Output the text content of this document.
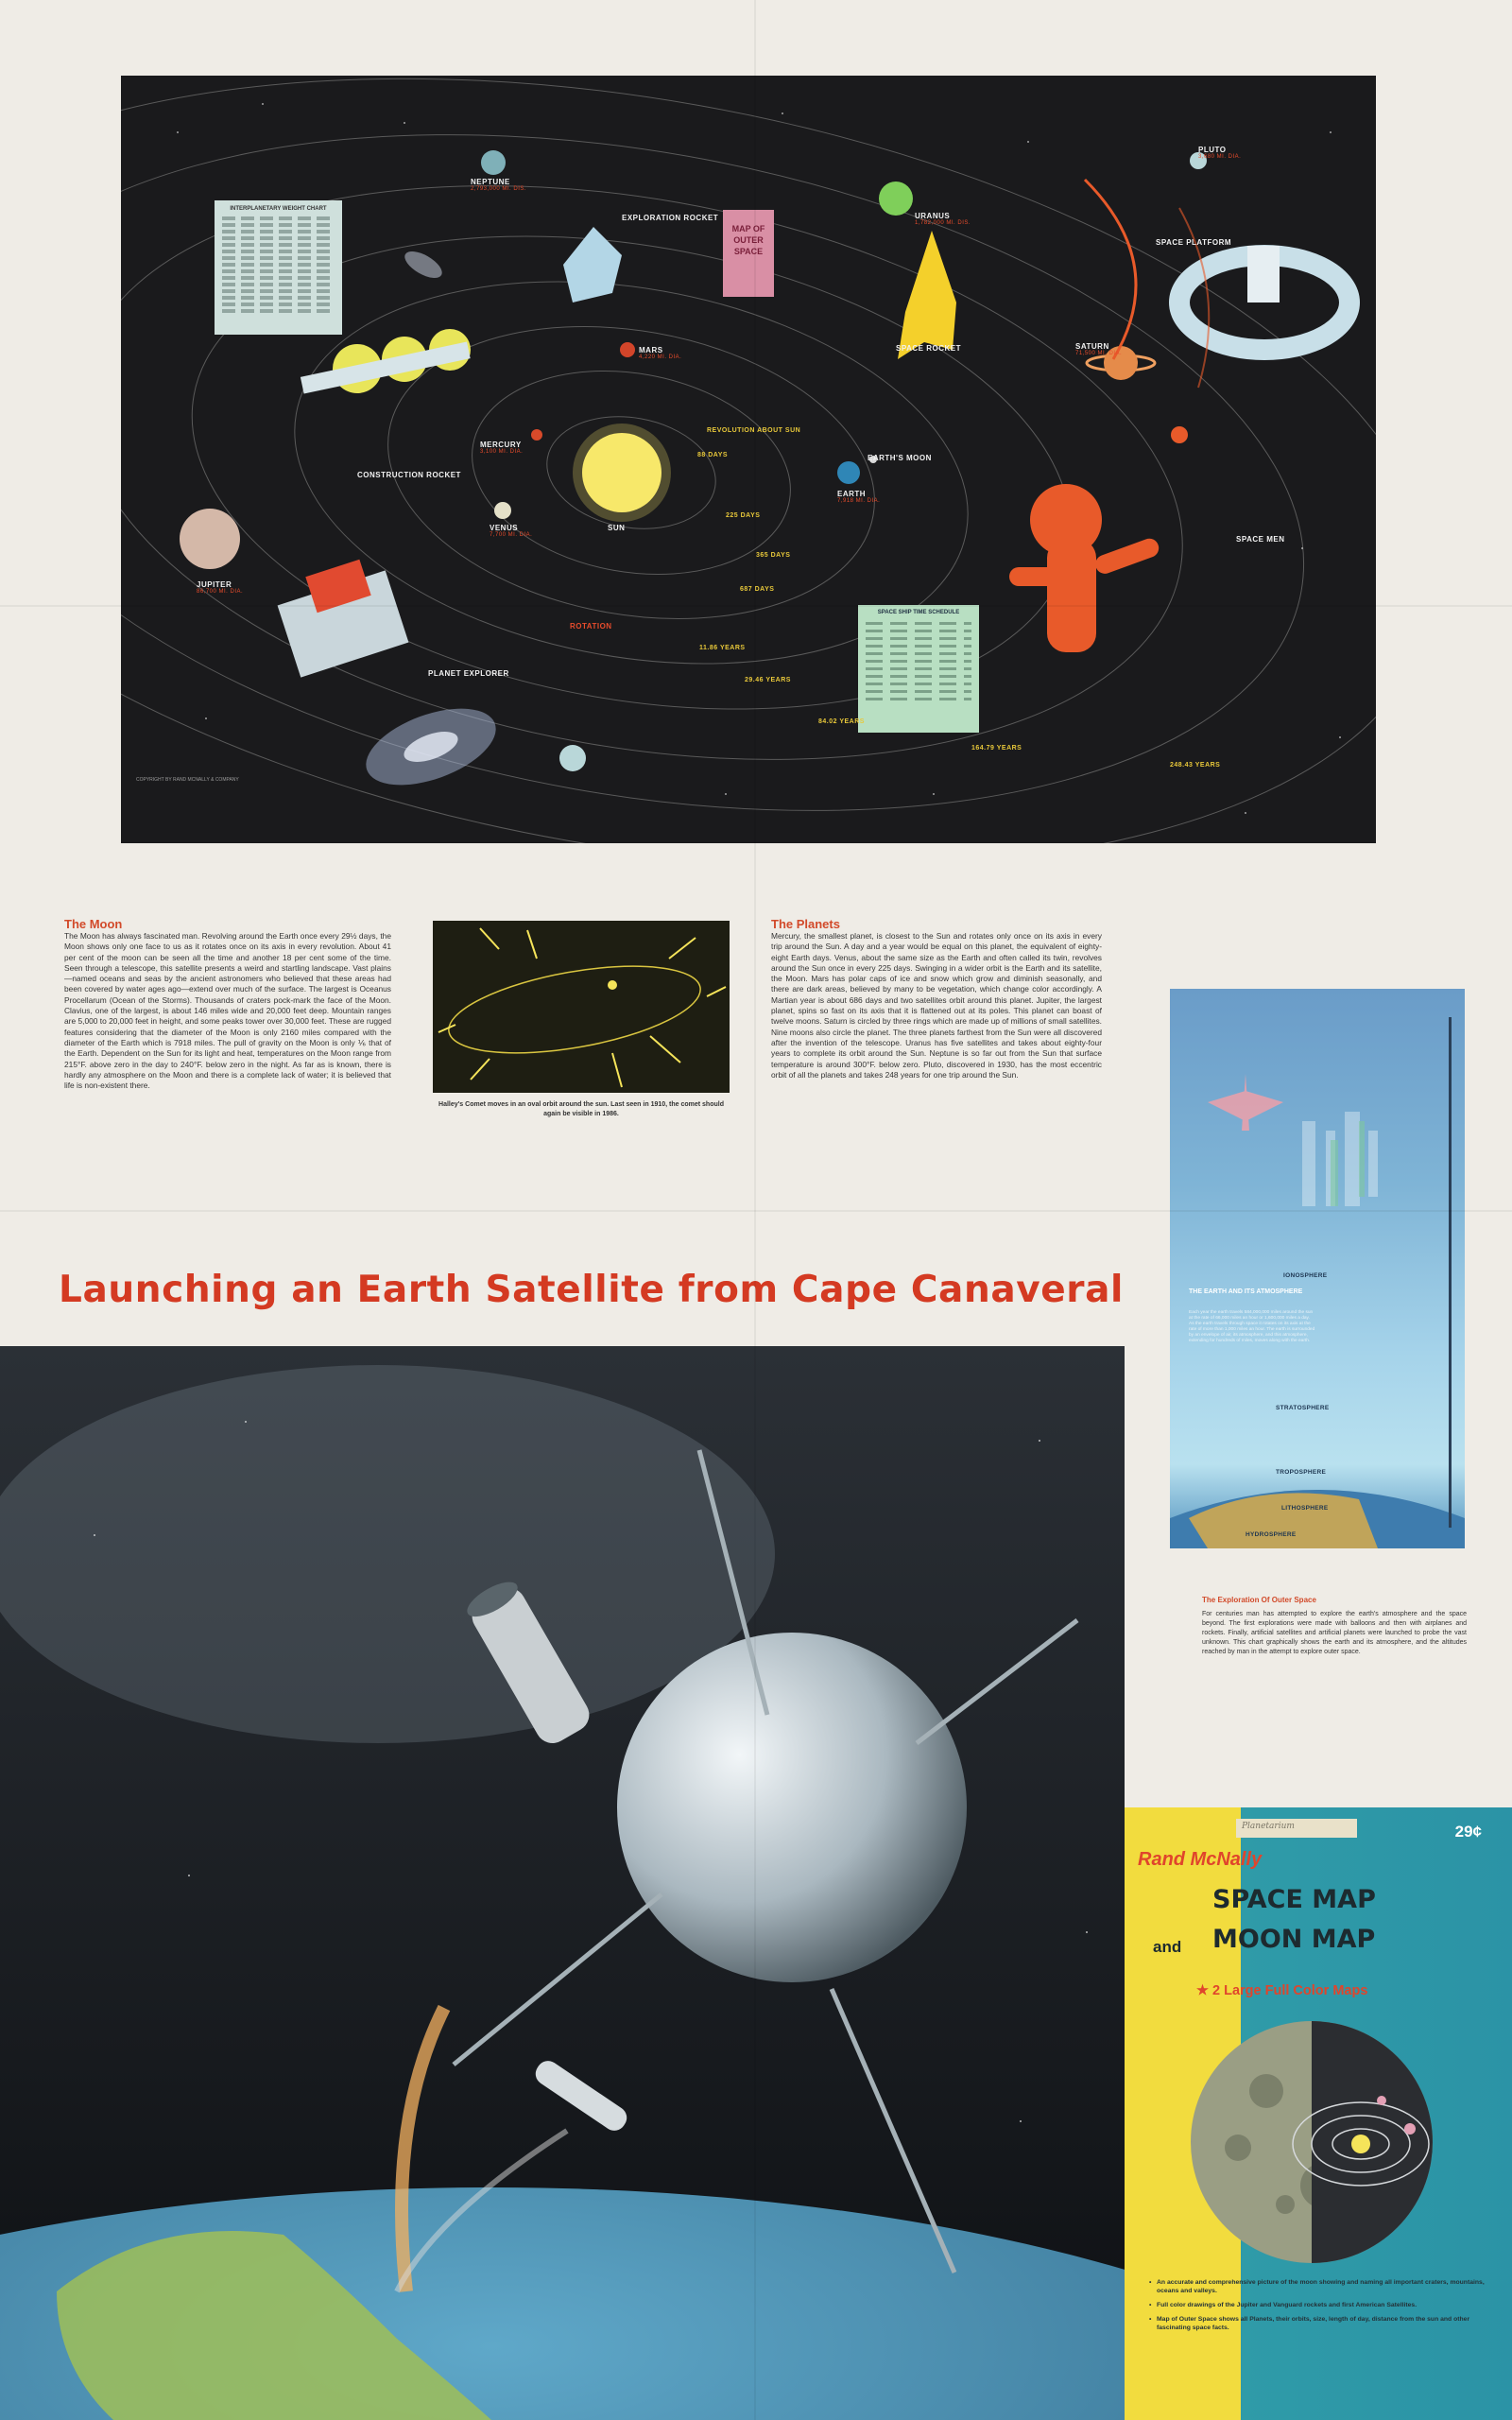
INTERPLANETARY WEIGHT CHART
MAP OF OUTER SPACE
SPACE SHIP TIME SCHEDULE
NEPTUNE
2,793,000 MI. DIS.
URANUS
1,782,000 MI. DIS.
PLUTO
3,680 MI. DIA.
MARS
4,220 MI. DIA.
SATURN
71,500 MI. DIA.
MERCURY
3,100 MI. DIA.
VENUS
7,700 MI. DIA.
SUN
EARTH
7,918 MI. DIA.
EARTH'S MOON
JUPITER
86,700 MI. DIA.
EXPLORATION ROCKET
CONSTRUCTION ROCKET
PLANET EXPLORER
SPACE ROCKET
SPACE PLATFORM
SPACE MEN
REVOLUTION ABOUT SUN
ROTATION
88 DAYS
225 DAYS
365 DAYS
687 DAYS
11.86 YEARS
29.46 YEARS
84.02 YEARS
164.79 YEARS
248.43 YEARS
COPYRIGHT BY RAND MCNALLY & COMPANY
The Moon
The Moon has always fascinated man. Revolving around the Earth once every 29½ days, the Moon shows only one face to us as it rotates once on its axis in every revolution. About 41 per cent of the moon can be seen all the time and another 18 per cent some of the time. Seen through a telescope, this satellite presents a weird and startling landscape. Vast plains—named oceans and seas by the ancient astronomers who believed that these areas had been covered by water ages ago—extend over much of the surface. The largest is Oceanus Procellarum (Ocean of the Storms). Thousands of craters pock-mark the face of the Moon. Clavius, one of the largest, is about 146 miles wide and 20,000 feet deep. Mountain ranges are 5,000 to 20,000 feet in height, and some peaks tower over 30,000 feet. These are rugged features considering that the diameter of the Moon is only 2160 miles compared with the diameter of the Earth which is 7918 miles. The pull of gravity on the Moon is only ⅙ that of the Earth. Dependent on the Sun for its light and heat, temperatures on the Moon range from 215°F. above zero in the day to 240°F. below zero in the night. As far as is known, there is hardly any atmosphere on the Moon and there is a complete lack of water; it is believed that life is non-existent there.
Halley's Comet moves in an oval orbit around the sun. Last seen in 1910, the comet should again be visible in 1986.
The Planets
Mercury, the smallest planet, is closest to the Sun and rotates only once on its axis in every trip around the Sun. A day and a year would be equal on this planet, the equivalent of eighty-eight Earth days. Venus, about the same size as the Earth and often called its twin, revolves around the Sun once in every 225 days. Swinging in a wider orbit is the Earth and its satellite, the Moon. Mars has polar caps of ice and snow which grow and diminish seasonally, and there are dark areas, believed by many to be vegetation, which change color accordingly. A Martian year is about 686 days and two satellites orbit around this planet. Jupiter, the largest planet, spins so fast on its axis that it is flattened out at its poles. This planet can boast of twelve moons. Saturn is circled by three rings which are made up of millions of small satellites. Nine moons also circle the planet. The three planets farthest from the Sun were all discovered after the invention of the telescope. Uranus has five satellites and takes about eighty-four years to complete its orbit around the Sun. Neptune is so far out from the Sun that surface temperature is around 300°F. below zero. Pluto, discovered in 1930, has the most eccentric orbit of all the planets and takes 248 years for one trip around the Sun.
THE EARTH AND ITS ATMOSPHERE
Each year the earth travels 584,000,000 miles around the sun at the rate of 66,000 miles an hour or 1,600,000 miles a day. As the earth travels through space it rotates on its axis at the rate of more than 1,000 miles an hour. The earth is surrounded by an envelope of air, its atmosphere, and this atmosphere, extending for hundreds of miles, moves along with the earth.
IONOSPHERE
STRATOSPHERE
TROPOSPHERE
LITHOSPHERE
HYDROSPHERE
The Exploration Of Outer Space
For centuries man has attempted to explore the earth's atmosphere and the space beyond. The first explorations were made with balloons and then with airplanes and rockets. Finally, artificial satellites and artificial planets were launched to probe the vast unknown. This chart graphically shows the earth and its atmosphere, and the altitudes reached by man in the attempt to explore outer space.
Launching an Earth Satellite from Cape Canaveral
Planetarium	29¢
Rand McNally
SPACE MAP
and MOON MAP
★ 2 Large Full Color Maps
• An accurate and comprehensive picture of the moon showing and naming all important craters, mountains, oceans and valleys.
• Full color drawings of the Jupiter and Vanguard rockets and first American Satellites.
• Map of Outer Space shows all Planets, their orbits, size, length of day, distance from the sun and other fascinating space facts.
